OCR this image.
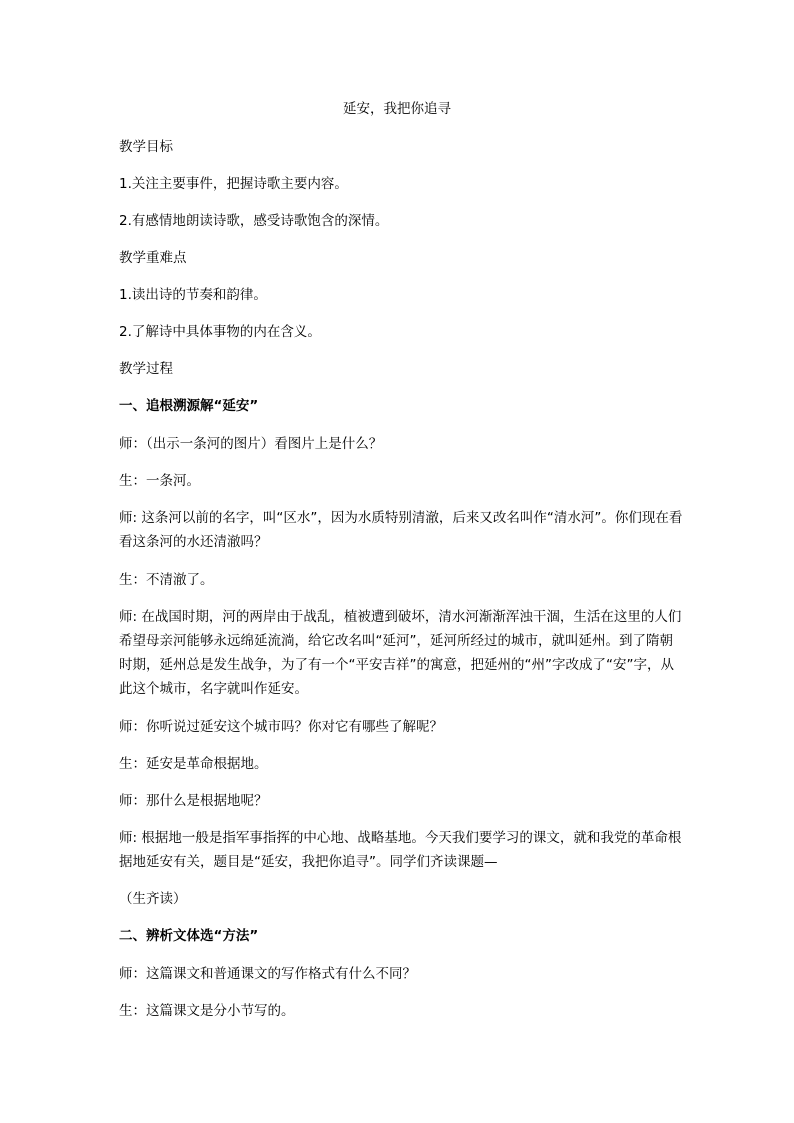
延安，我把你追寻
教学目标
1.关注主要事件，把握诗歌主要内容。
2.有感情地朗读诗歌，感受诗歌饱含的深情。
教学重难点
1.读出诗的节奏和韵律。
2.了解诗中具体事物的内在含义。
教学过程
一、追根溯源解“延安”
师：（出示一条河的图片）看图片上是什么？
生：一条河。
师: 这条河以前的名字，叫“区水”，因为水质特别清澈，后来又改名叫作“清水河”。你们现在看看这条河的水还清澈吗？
生：不清澈了。
师: 在战国时期，河的两岸由于战乱，植被遭到破坏，清水河渐渐浑浊干涸，生活在这里的人们希望母亲河能够永远绵延流淌，给它改名叫“延河”，延河所经过的城市，就叫延州。到了隋朝时期，延州总是发生战争，为了有一个“平安吉祥”的寓意，把延州的“州”字改成了“安”字，从此这个城市，名字就叫作延安。
师：你听说过延安这个城市吗？你对它有哪些了解呢？
生：延安是革命根据地。
师：那什么是根据地呢？
师: 根据地一般是指军事指挥的中心地、战略基地。今天我们要学习的课文，就和我党的革命根据地延安有关，题目是“延安，我把你追寻”。同学们齐读课题—
（生齐读）
二、辨析文体选“方法”
师：这篇课文和普通课文的写作格式有什么不同？
生：这篇课文是分小节写的。
